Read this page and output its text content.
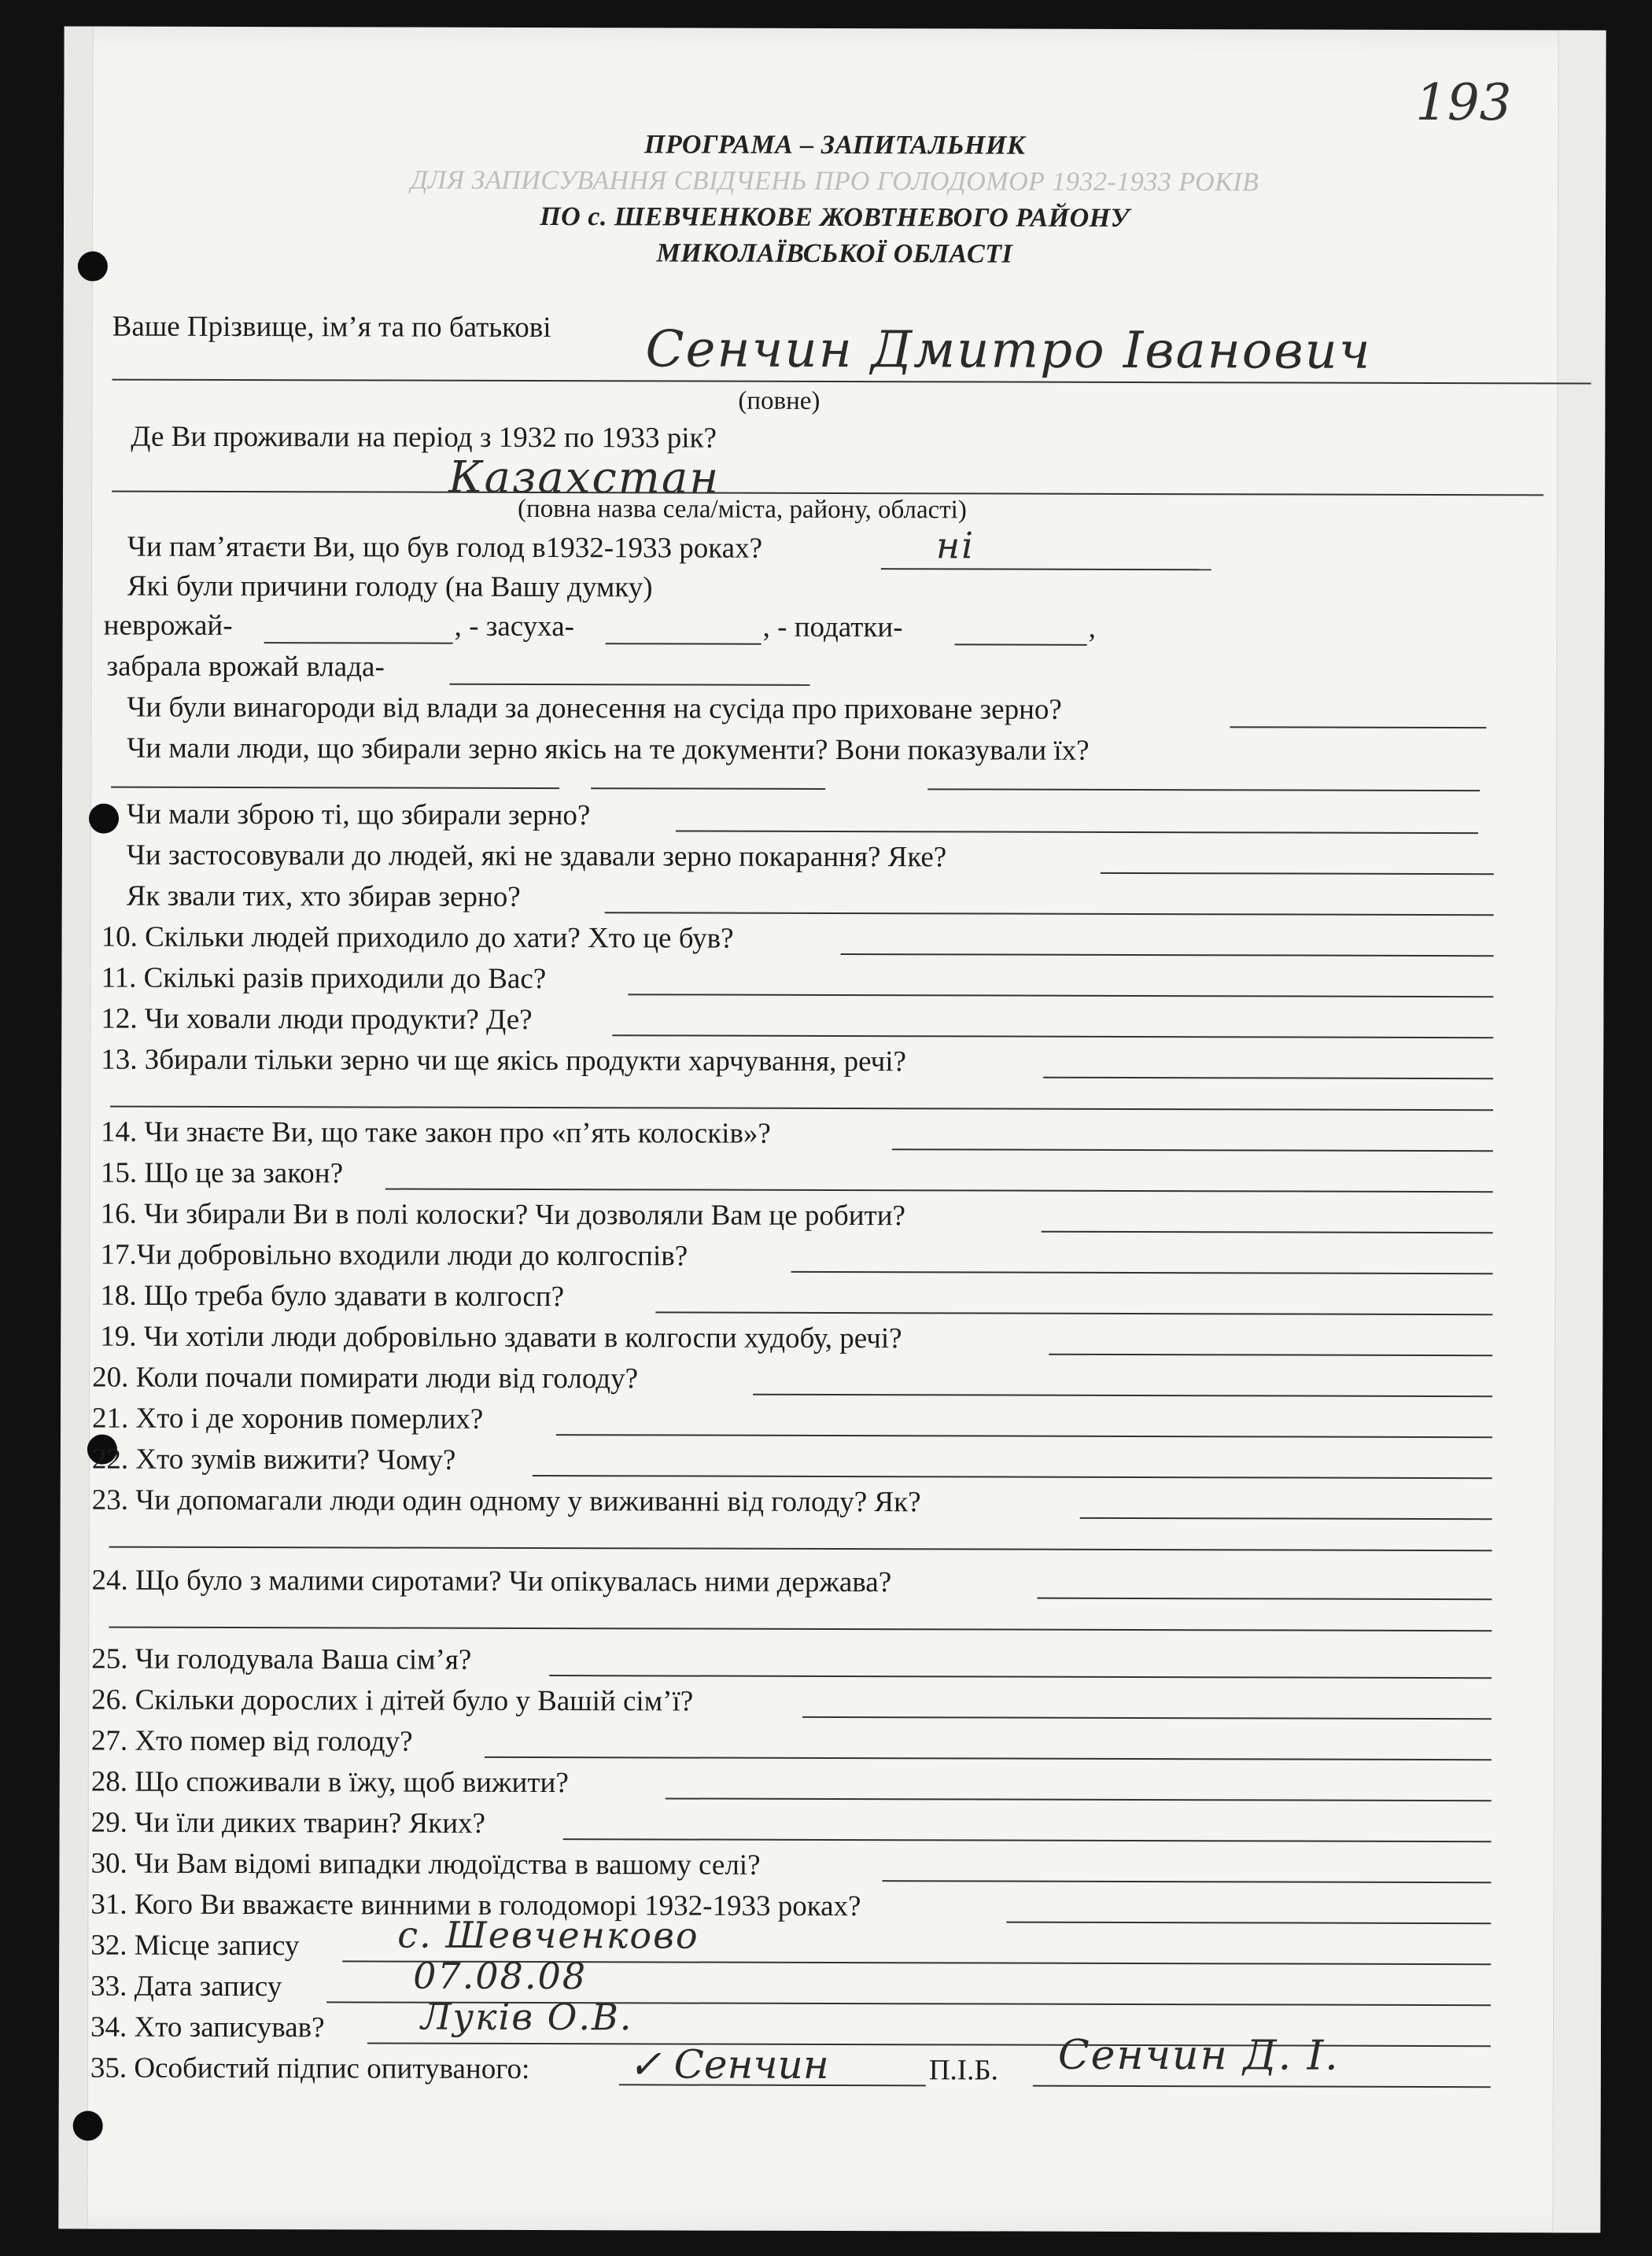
193
ПРОГРАМА – ЗАПИТАЛЬНИК
ДЛЯ ЗАПИСУВАННЯ СВІДЧЕНЬ ПРО ГОЛОДОМОР 1932-1933 РОКІВ
ПО с. ШЕВЧЕНКОВЕ ЖОВТНЕВОГО РАЙОНУ
МИКОЛАЇВСЬКОЇ ОБЛАСТІ
Ваше Прізвище, ім’я та по батькові Сенчин Дмитро Іванович
(повне)
Де Ви проживали на період з 1932 по 1933 рік?
Казахстан
(повна назва села/міста, району, області)
Чи пам’ятаєти Ви, що був голод в1932-1933 роках?	ні
Які були причини голоду (на Вашу думку)
неврожай-	, - засуха-	, - податки-	,
забрала врожай влада-
Чи були винагороди від влади за донесення на сусіда про приховане зерно?
Чи мали люди, що збирали зерно якісь на те документи? Вони показували їх?
Чи мали зброю ті, що збирали зерно?
Чи застосовували до людей, які не здавали зерно покарання? Яке?
Як звали тих, хто збирав зерно?
10. Скільки людей приходило до хати? Хто це був?
11. Скількі разів приходили до Вас?
12. Чи ховали люди продукти? Де?
13. Збирали тільки зерно чи ще якісь продукти харчування, речі?
14. Чи знаєте Ви, що таке закон про «п’ять колосків»?
15. Що це за закон?
16. Чи збирали Ви в полі колоски? Чи дозволяли Вам це робити?
17.Чи добровільно входили люди до колгоспів?
18. Що треба було здавати в колгосп?
19. Чи хотіли люди добровільно здавати в колгоспи худобу, речі?
20. Коли почали помирати люди від голоду?
21. Хто і де хоронив померлих?
22. Хто зумів вижити? Чому?
23. Чи допомагали люди один одному у виживанні від голоду? Як?
24. Що було з малими сиротами? Чи опікувалась ними держава?
25. Чи голодувала Ваша сім’я?
26. Скільки дорослих і дітей було у Вашій сім’ї?
27. Хто помер від голоду?
28. Що споживали в їжу, щоб вижити?
29. Чи їли диких тварин? Яких?
30. Чи Вам відомі випадки людоїдства в вашому селі?
31. Кого Ви вважаєте винними в голодоморі 1932-1933 роках?
32. Місце запису	с. Шевченково
33. Дата запису	07.08.08
34. Хто записував?	Луків О.В.
35. Особистий підпис опитуваного:	✓ Сенчин	П.І.Б. Сенчин Д. І.
